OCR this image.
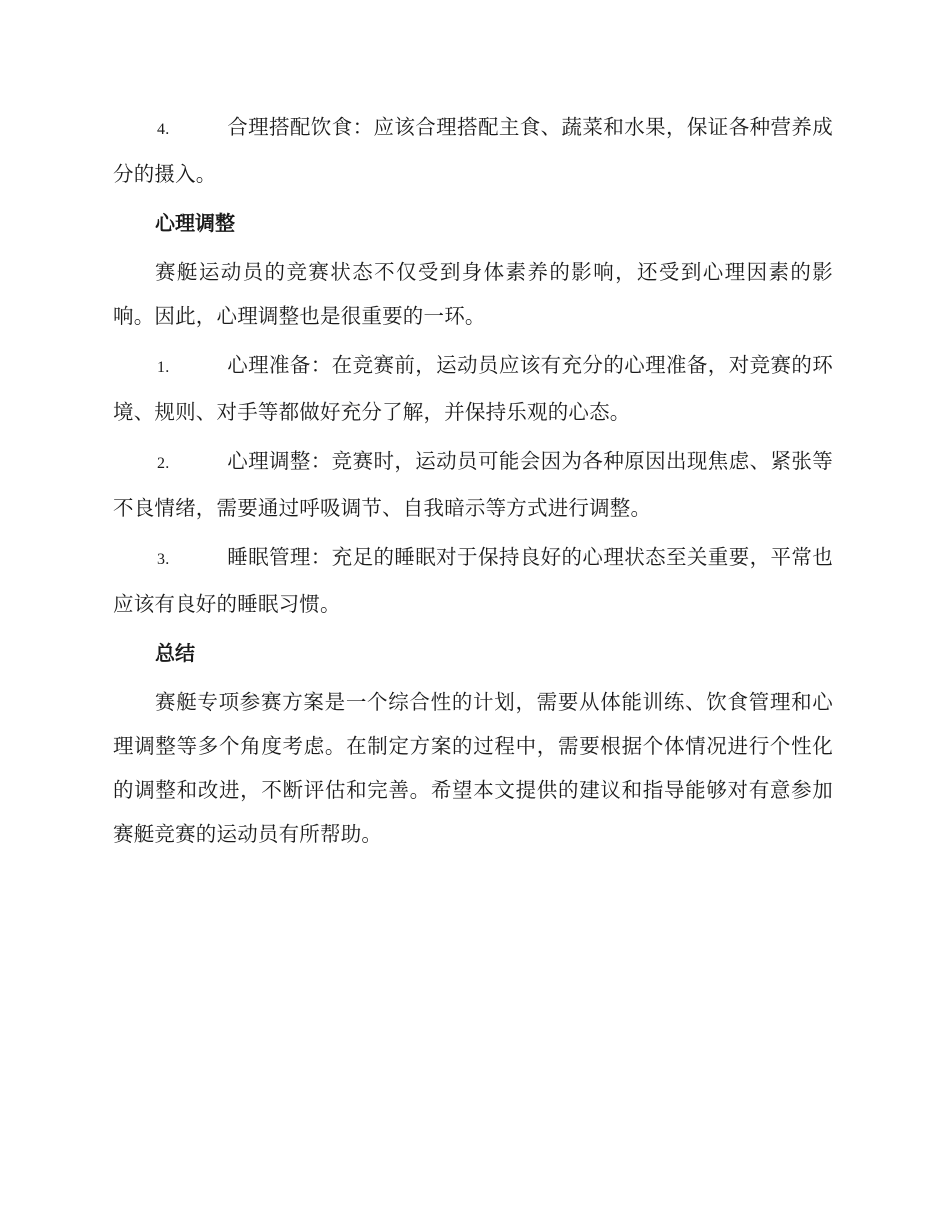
4.	合理搭配饮食：应该合理搭配主食、蔬菜和水果，保证各种营养成分的摄入。

心理调整

赛艇运动员的竞赛状态不仅受到身体素养的影响，还受到心理因素的影响。因此，心理调整也是很重要的一环。

1.	心理准备：在竞赛前，运动员应该有充分的心理准备，对竞赛的环境、规则、对手等都做好充分了解，并保持乐观的心态。

2.	心理调整：竞赛时，运动员可能会因为各种原因出现焦虑、紧张等不良情绪，需要通过呼吸调节、自我暗示等方式进行调整。

3.	睡眠管理：充足的睡眠对于保持良好的心理状态至关重要，平常也应该有良好的睡眠习惯。

总结

赛艇专项参赛方案是一个综合性的计划，需要从体能训练、饮食管理和心理调整等多个角度考虑。在制定方案的过程中，需要根据个体情况进行个性化的调整和改进，不断评估和完善。希望本文提供的建议和指导能够对有意参加赛艇竞赛的运动员有所帮助。
